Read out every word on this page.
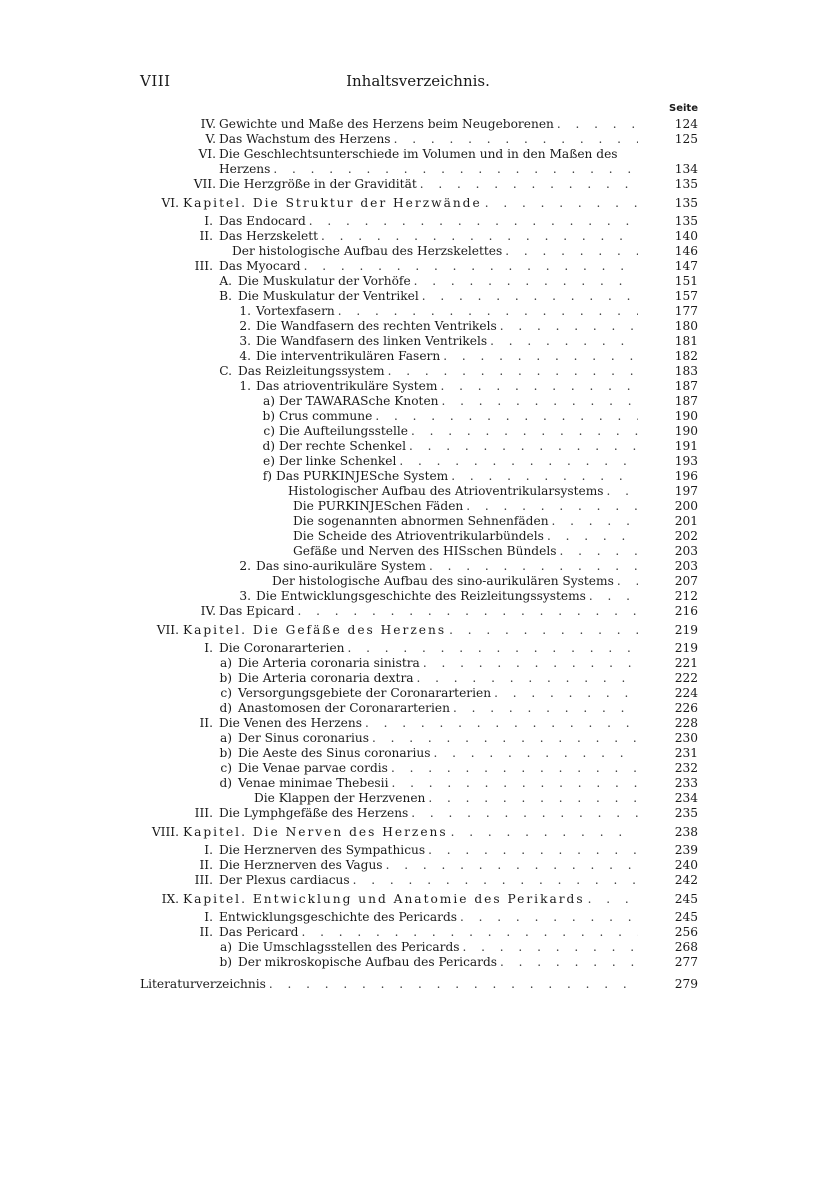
VIII	Inhaltsverzeichnis.
Seite
IV. Gewichte und Maße des Herzens beim Neugeborenen . . .	124
V. Das Wachstum des Herzens . . .	125
VI. Die Geschlechtsunterschiede im Volumen und in den Maßen des
Herzens . . .	134
VII. Die Herzgröße in der Gravidität . . .	135
VI. Kapitel. Die Struktur der Herzwände . . .	135
I. Das Endocard . . .	135
II. Das Herzskelett . . .	140
Der histologische Aufbau des Herzskelettes . . .	146
III. Das Myocard . . .	147
A. Die Muskulatur der Vorhöfe . . .	151
B. Die Muskulatur der Ventrikel . . .	157
1. Vortexfasern . . .	177
2. Die Wandfasern des rechten Ventrikels . . .	180
3. Die Wandfasern des linken Ventrikels . . .	181
4. Die interventrikulären Fasern . . .	182
C. Das Reizleitungssystem . . .	183
1. Das atrioventrikuläre System . . .	187
a) Der TAWARASche Knoten . . .	187
b) Crus commune . . .	190
c) Die Aufteilungsstelle . . .	190
d) Der rechte Schenkel . . .	191
e) Der linke Schenkel . . .	193
f) Das PURKINJESche System . . .	196
Histologischer Aufbau des Atrioventrikularsystems . . .	197
Die PURKINJESchen Fäden . . .	200
Die sogenannten abnormen Sehnenfäden . . .	201
Die Scheide des Atrioventrikularbündels . . .	202
Gefäße und Nerven des HISschen Bündels . . .	203
2. Das sino-aurikuläre System . . .	203
Der histologische Aufbau des sino-aurikulären Systems . . .	207
3. Die Entwicklungsgeschichte des Reizleitungssystems . . .	212
IV. Das Epicard . . .	216
VII. Kapitel. Die Gefäße des Herzens . . .	219
I. Die Coronararterien . . .	219
a) Die Arteria coronaria sinistra . . .	221
b) Die Arteria coronaria dextra . . .	222
c) Versorgungsgebiete der Coronararterien . . .	224
d) Anastomosen der Coronararterien . . .	226
II. Die Venen des Herzens . . .	228
a) Der Sinus coronarius . . .	230
b) Die Aeste des Sinus coronarius . . .	231
c) Die Venae parvae cordis . . .	232
d) Venae minimae Thebesii . . .	233
Die Klappen der Herzvenen . . .	234
III. Die Lymphgefäße des Herzens . . .	235
VIII. Kapitel. Die Nerven des Herzens . . .	238
I. Die Herznerven des Sympathicus . . .	239
II. Die Herznerven des Vagus . . .	240
III. Der Plexus cardiacus . . .	242
IX. Kapitel. Entwicklung und Anatomie des Perikards . . .	245
I. Entwicklungsgeschichte des Pericards . . .	245
II. Das Pericard . . .	256
a) Die Umschlagsstellen des Pericards . . .	268
b) Der mikroskopische Aufbau des Pericards . . .	277
Literaturverzeichnis . . .	279
